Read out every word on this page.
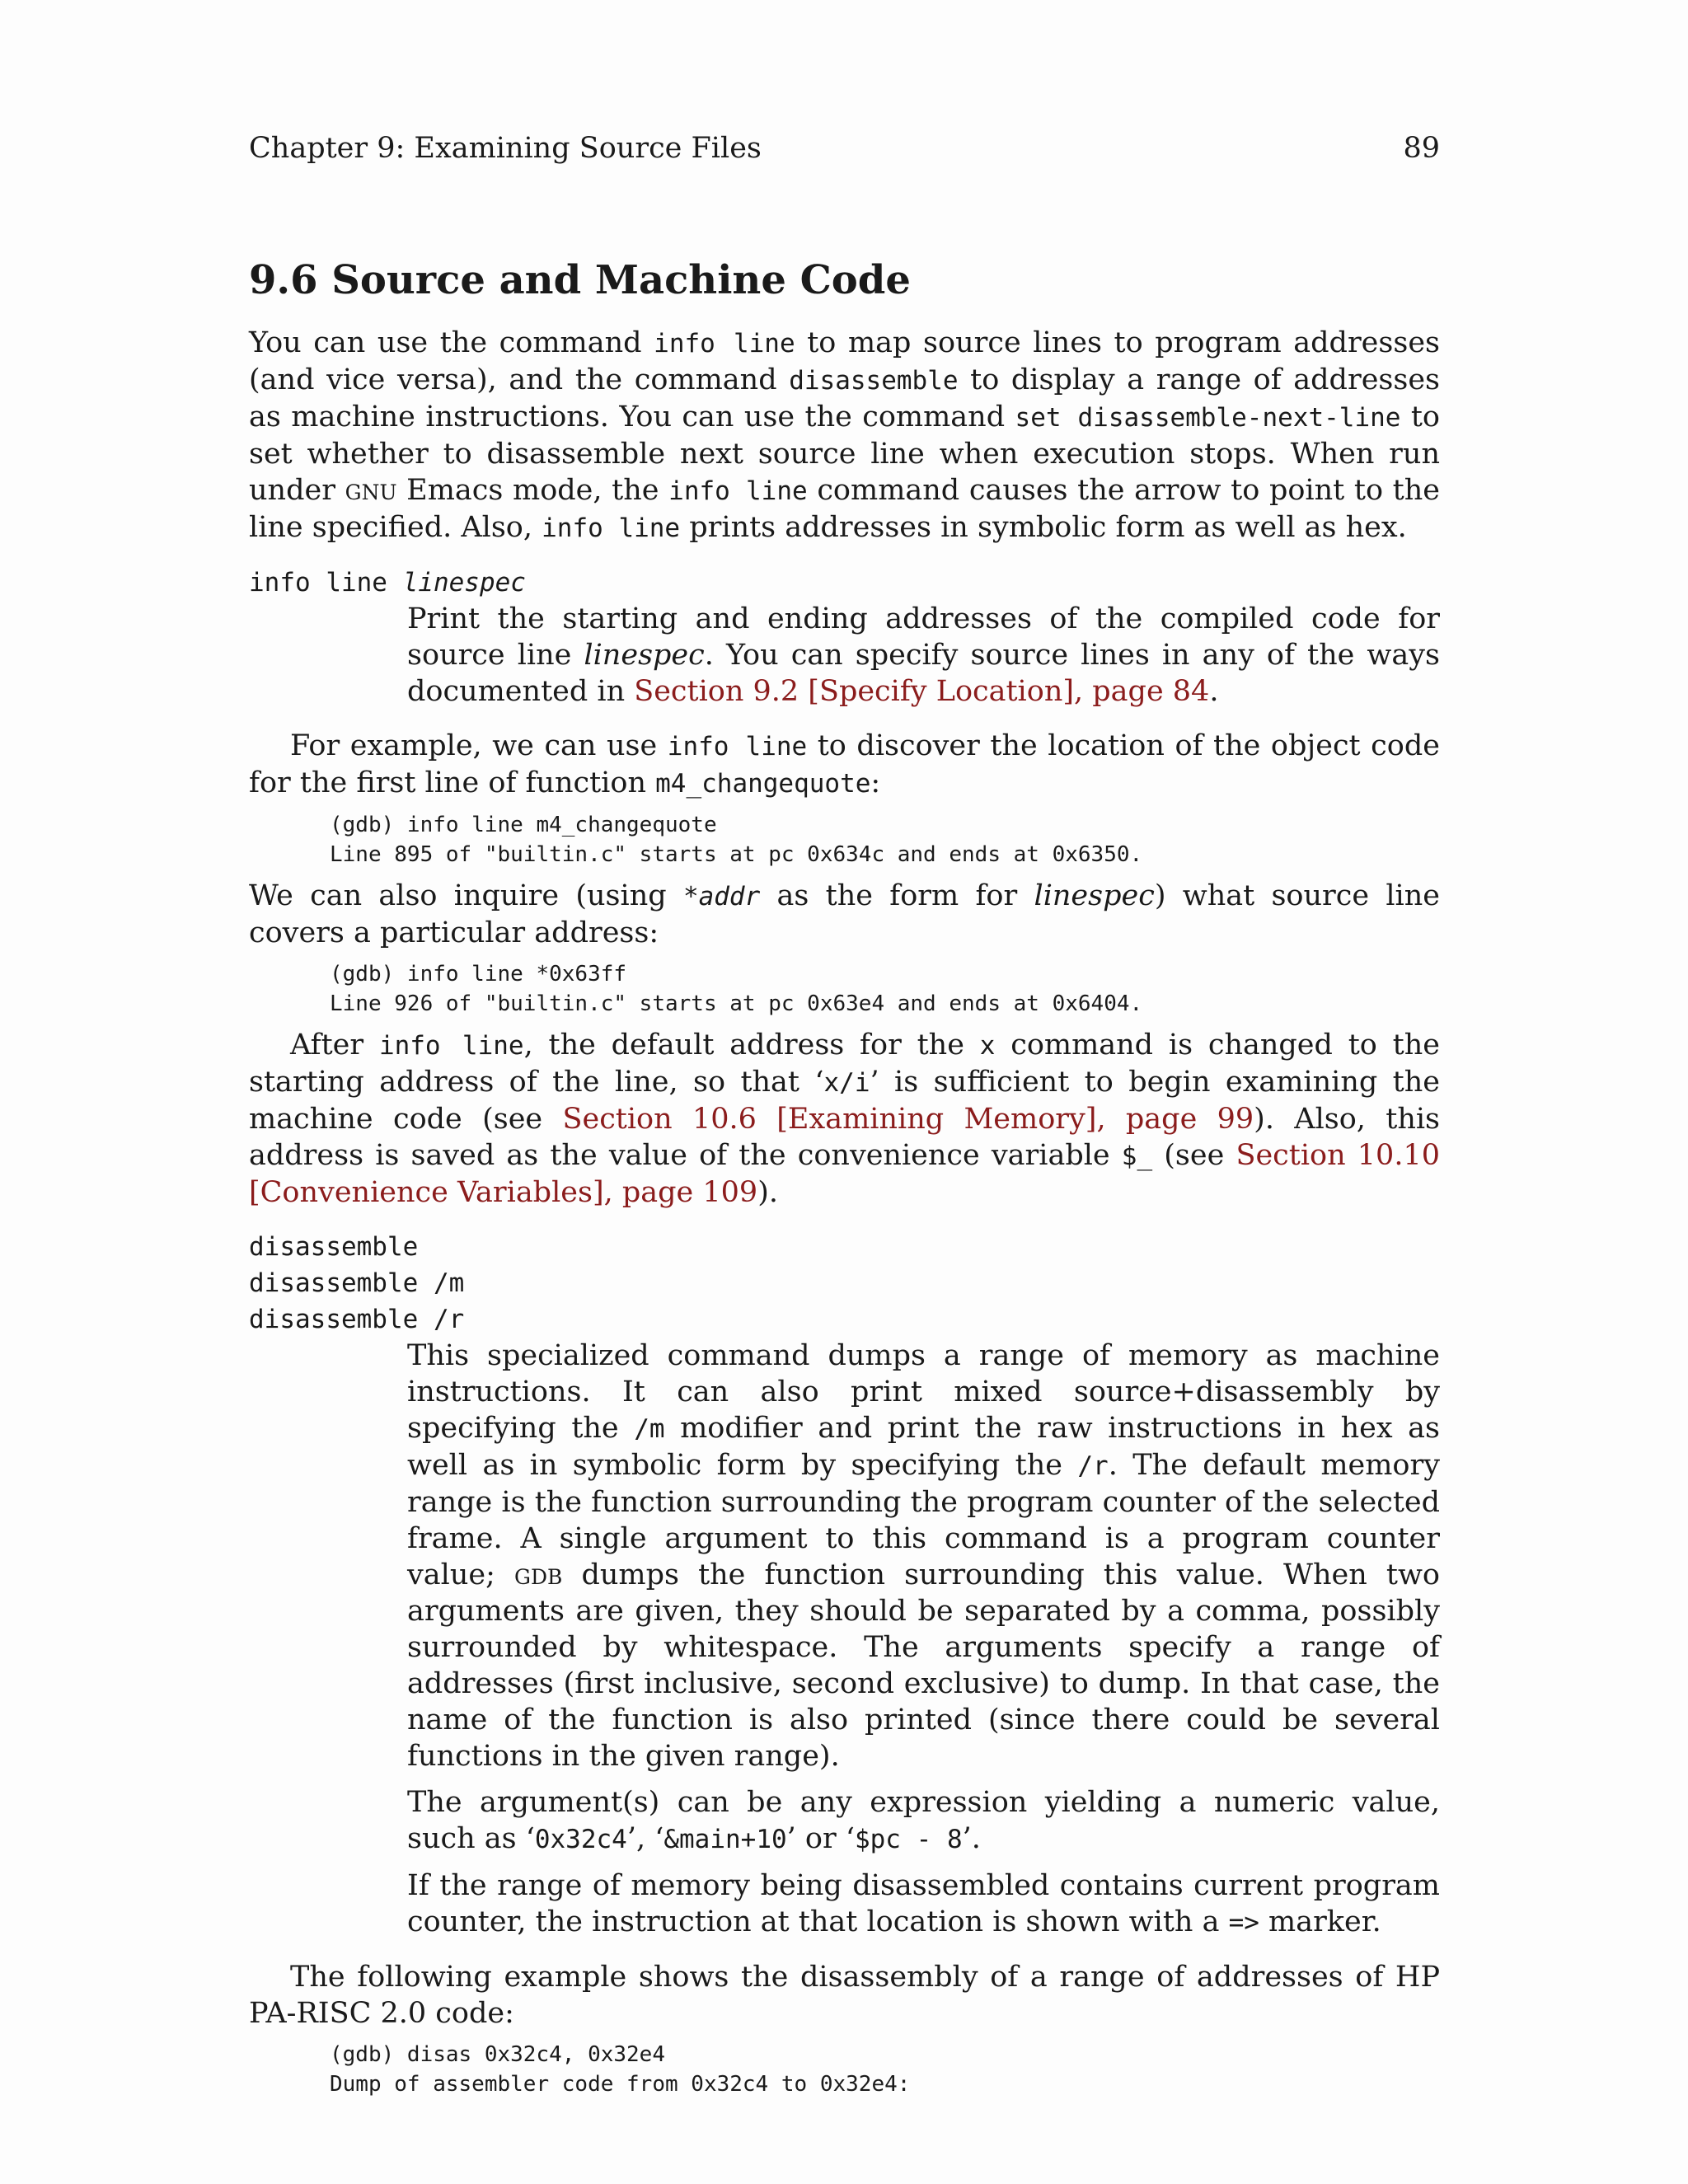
Chapter 9: Examining Source Files	89
9.6 Source and Machine Code

You can use the command info line to map source lines to program addresses (and vice versa), and the command disassemble to display a range of addresses as machine instructions. You can use the command set disassemble-next-line to set whether to disassemble next source line when execution stops. When run under gnu Emacs mode, the info line command causes the arrow to point to the line specified. Also, info line prints addresses in symbolic form as well as hex.

info line linespec

Print the starting and ending addresses of the compiled code for source line linespec. You can specify source lines in any of the ways documented in Section 9.2 [Specify Location], page 84.

For example, we can use info line to discover the location of the object code for the first line of function m4_changequote:

(gdb) info line m4_changequote
Line 895 of "builtin.c" starts at pc 0x634c and ends at 0x6350.

We can also inquire (using *addr as the form for linespec) what source line covers a particular address:

(gdb) info line *0x63ff
Line 926 of "builtin.c" starts at pc 0x63e4 and ends at 0x6404.

After info line, the default address for the x command is changed to the starting address of the line, so that ‘x/i’ is sufficient to begin examining the machine code (see Section 10.6 [Examining Memory], page 99). Also, this address is saved as the value of the convenience variable $_ (see Section 10.10 [Convenience Variables], page 109).

disassemble
disassemble /m
disassemble /r

This specialized command dumps a range of memory as machine instructions. It can also print mixed source+disassembly by specifying the /m modifier and print the raw instructions in hex as well as in symbolic form by specifying the /r. The default memory range is the function surrounding the program counter of the selected frame. A single argument to this command is a program counter value; gdb dumps the function surrounding this value. When two arguments are given, they should be separated by a comma, possibly surrounded by whitespace. The arguments specify a range of addresses (first inclusive, second exclusive) to dump. In that case, the name of the function is also printed (since there could be several functions in the given range).

The argument(s) can be any expression yielding a numeric value, such as ‘0x32c4’, ‘&main+10’ or ‘$pc - 8’.

If the range of memory being disassembled contains current program counter, the instruction at that location is shown with a => marker.

The following example shows the disassembly of a range of addresses of HP PA-RISC 2.0 code:

(gdb) disas 0x32c4, 0x32e4
Dump of assembler code from 0x32c4 to 0x32e4:
